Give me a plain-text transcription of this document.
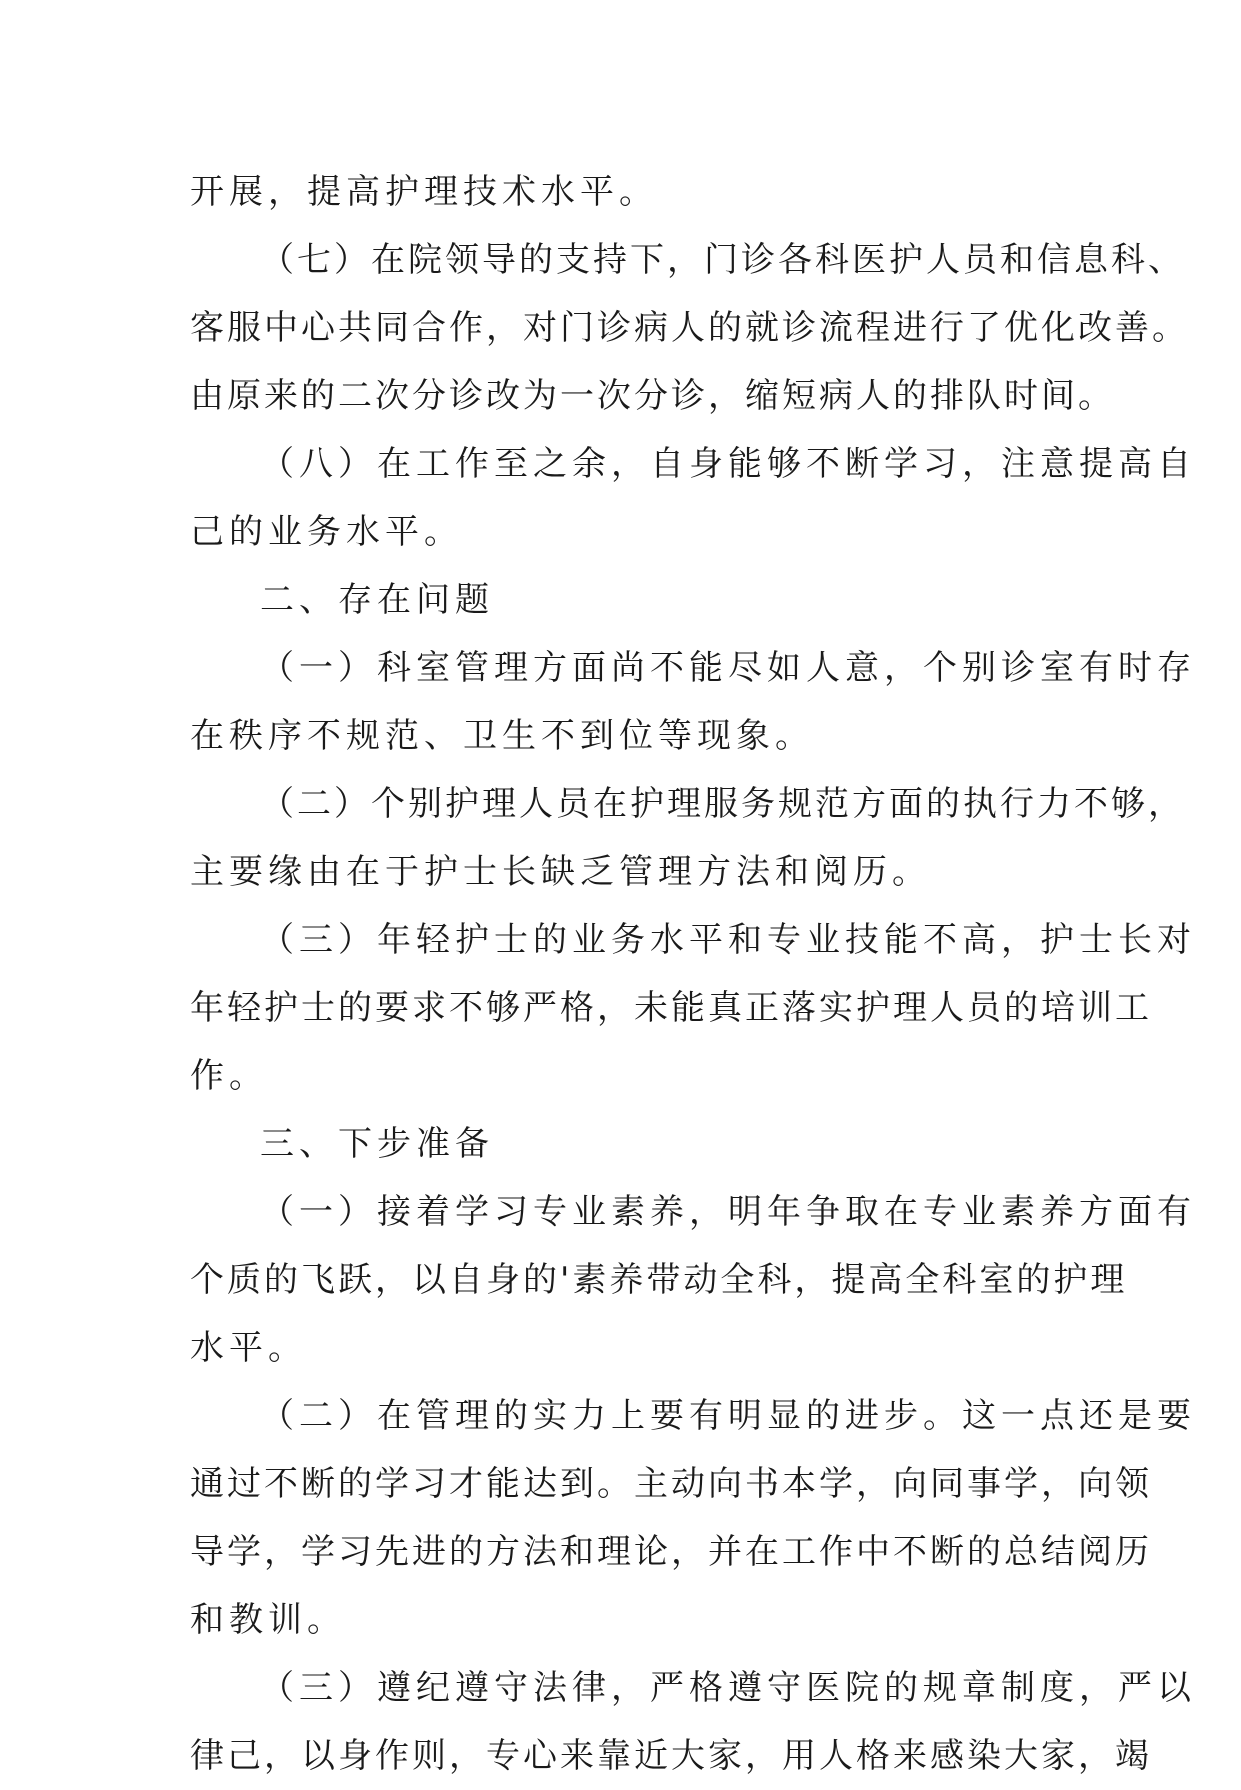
开展，提高护理技术水平。
（七）在院领导的支持下，门诊各科医护人员和信息科、
客服中心共同合作，对门诊病人的就诊流程进行了优化改善。
由原来的二次分诊改为一次分诊，缩短病人的排队时间。
（八）在工作至之余，自身能够不断学习，注意提高自
己的业务水平。
二、存在问题
（一）科室管理方面尚不能尽如人意，个别诊室有时存
在秩序不规范、卫生不到位等现象。
（二）个别护理人员在护理服务规范方面的执行力不够，
主要缘由在于护士长缺乏管理方法和阅历。
（三）年轻护士的业务水平和专业技能不高，护士长对
年轻护士的要求不够严格，未能真正落实护理人员的培训工
作。
三、下步准备
（一）接着学习专业素养，明年争取在专业素养方面有
个质的飞跃，以自身的'素养带动全科，提高全科室的护理
水平。
（二）在管理的实力上要有明显的进步。这一点还是要
通过不断的学习才能达到。主动向书本学，向同事学，向领
导学，学习先进的方法和理论，并在工作中不断的总结阅历
和教训。
（三）遵纪遵守法律，严格遵守医院的规章制度，严以
律己，以身作则，专心来靠近大家，用人格来感染大家，竭
